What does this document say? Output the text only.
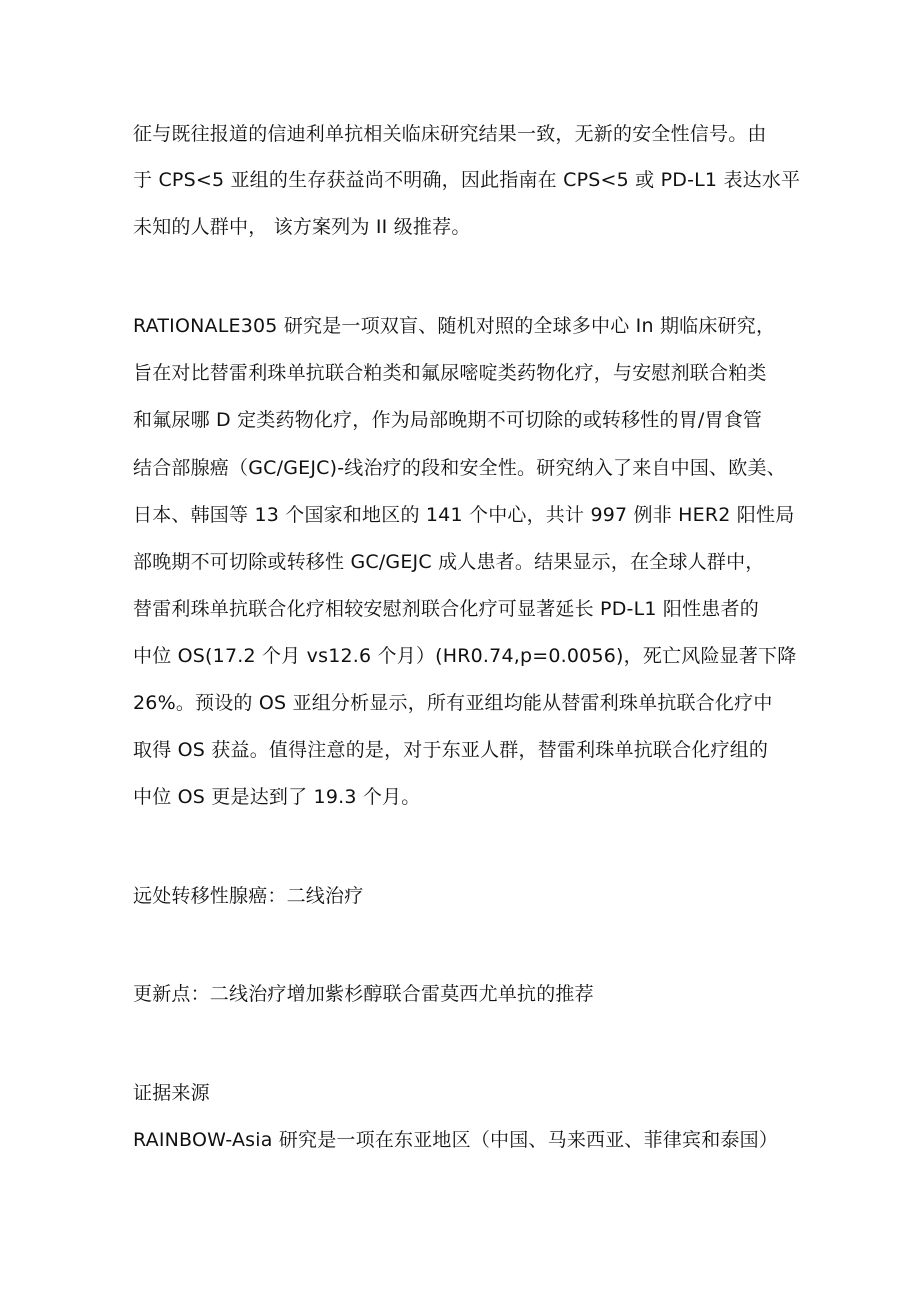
征与既往报道的信迪利单抗相关临床研究结果一致，无新的安全性信号。由
于 CPS<5 亚组的生存获益尚不明确，因此指南在 CPS<5 或 PD-L1 表达水平
未知的人群中， 该方案列为 II 级推荐。
RATIONALE305 研究是一项双盲、随机对照的全球多中心 In 期临床研究，
旨在对比替雷利珠单抗联合粕类和氟尿嘧啶类药物化疗，与安慰剂联合粕类
和氟尿哪 D 定类药物化疗，作为局部晚期不可切除的或转移性的胃/胃食管
结合部腺癌（GC/GEJC)-线治疗的段和安全性。研究纳入了来自中国、欧美、
日本、韩国等 13 个国家和地区的 141 个中心，共计 997 例非 HER2 阳性局
部晚期不可切除或转移性 GC/GEJC 成人患者。结果显示，在全球人群中，
替雷利珠单抗联合化疗相较安慰剂联合化疗可显著延长 PD-L1 阳性患者的
中位 OS(17.2 个月 vs12.6 个月）(HR0.74,p=0.0056)，死亡风险显著下降
26%。预设的 OS 亚组分析显示，所有亚组均能从替雷利珠单抗联合化疗中
取得 OS 获益。值得注意的是，对于东亚人群，替雷利珠单抗联合化疗组的
中位 OS 更是达到了 19.3 个月。
远处转移性腺癌：二线治疗
更新点：二线治疗增加紫杉醇联合雷莫西尤单抗的推荐
证据来源
RAINBOW-Asia 研究是一项在东亚地区（中国、马来西亚、菲律宾和泰国）
